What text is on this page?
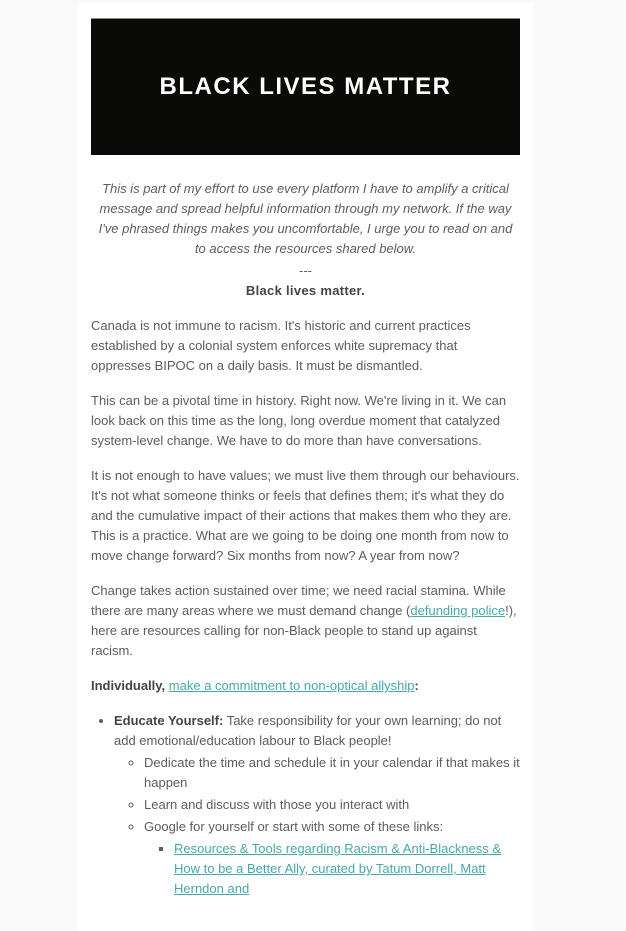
BLACK LIVES MATTER

This is part of my effort to use every platform I have to amplify a critical message and spread helpful information through my network. If the way I've phrased things makes you uncomfortable, I urge you to read on and to access the resources shared below.

---

Black lives matter.

Canada is not immune to racism. It's historic and current practices established by a colonial system enforces white supremacy that oppresses BIPOC on a daily basis. It must be dismantled.

This can be a pivotal time in history. Right now. We're living in it. We can look back on this time as the long, long overdue moment that catalyzed system-level change. We have to do more than have conversations.

It is not enough to have values; we must live them through our behaviours. It's not what someone thinks or feels that defines them; it's what they do and the cumulative impact of their actions that makes them who they are. This is a practice. What are we going to be doing one month from now to move change forward? Six months from now? A year from now?

Change takes action sustained over time; we need racial stamina. While there are many areas where we must demand change (defunding police!), here are resources calling for non-Black people to stand up against racism.

Individually, make a commitment to non-optical allyship:

• Educate Yourself: Take responsibility for your own learning; do not add emotional/education labour to Black people!
◦ Dedicate the time and schedule it in your calendar if that makes it happen
◦ Learn and discuss with those you interact with
◦ Google for yourself or start with some of these links:
▪ Resources & Tools regarding Racism & Anti-Blackness & How to be a Better Ally, curated by Tatum Dorrell, Matt Herndon and
